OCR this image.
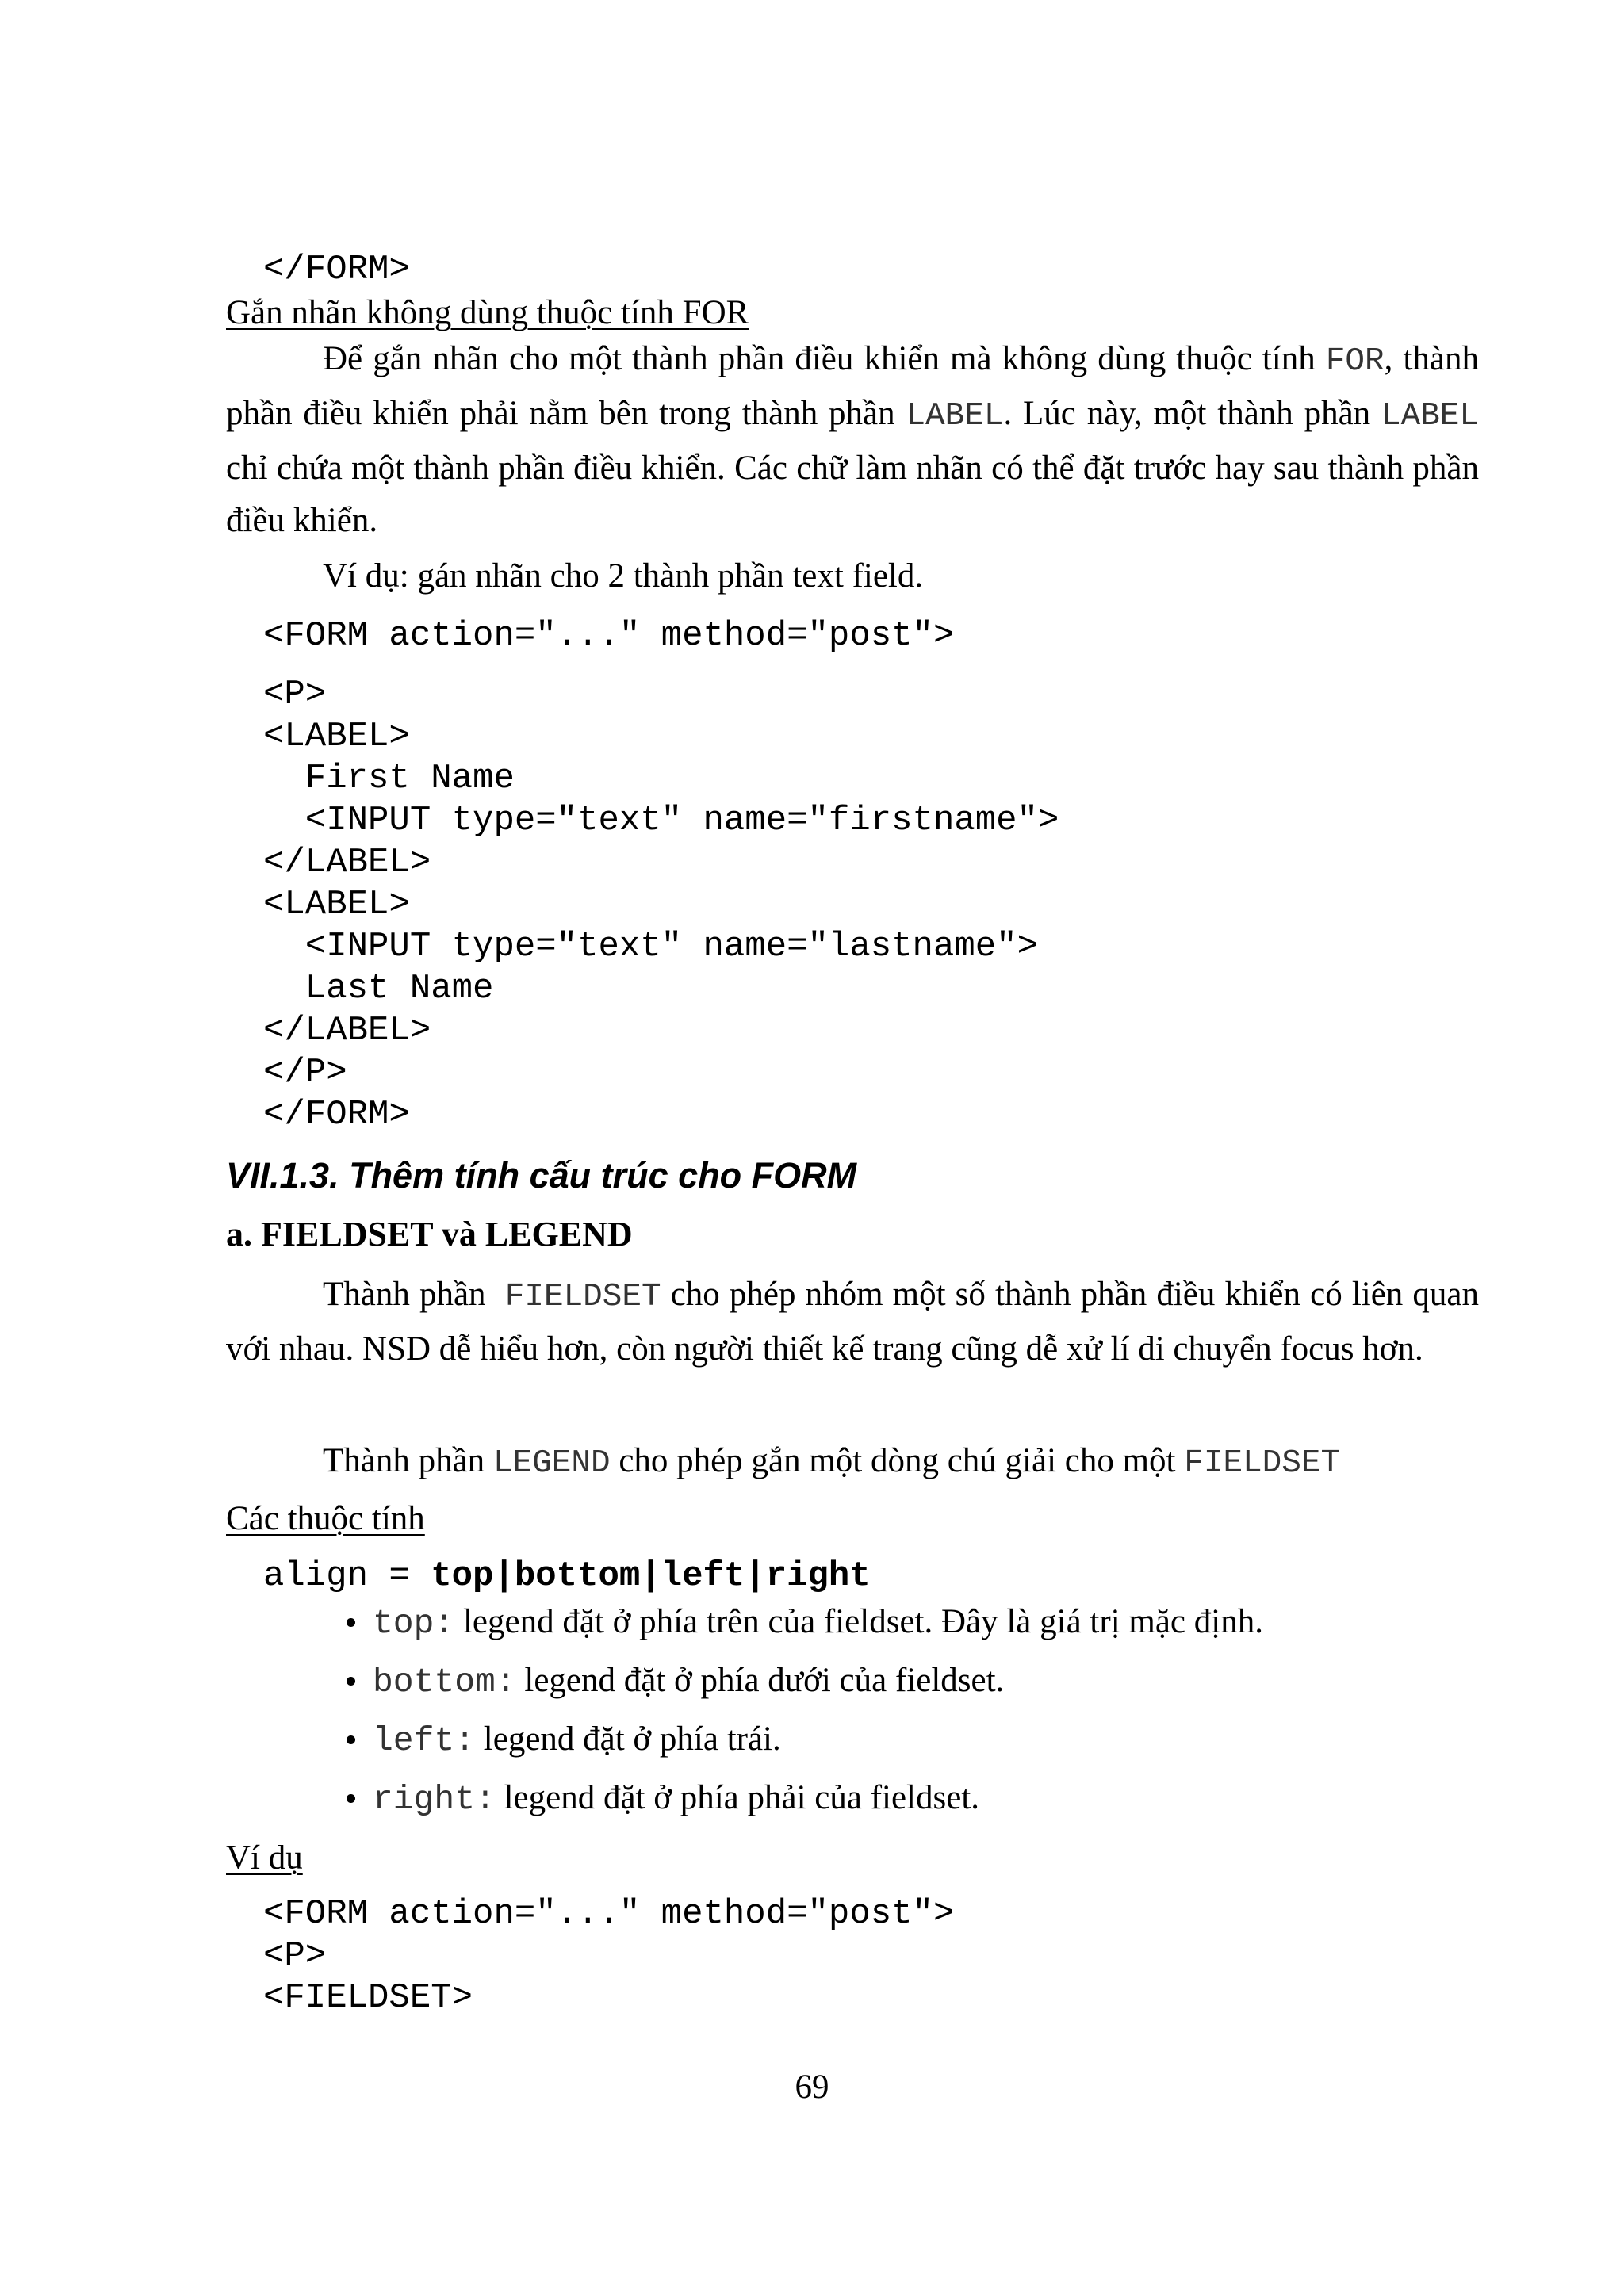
</FORM>
Gắn nhãn không dùng thuộc tính FOR
Để gắn nhãn cho một thành phần điều khiển mà không dùng thuộc tính FOR, thành phần điều khiển phải nằm bên trong thành phần LABEL. Lúc này, một thành phần LABEL chỉ chứa một thành phần điều khiển. Các chữ làm nhãn có thể đặt trước hay sau thành phần điều khiển.
Ví dụ: gán nhãn cho 2 thành phần text field.
<FORM action="..." method="post">
<P>
<LABEL>
First Name
<INPUT type="text" name="firstname">
</LABEL>
<LABEL>
<INPUT type="text" name="lastname">
Last Name
</LABEL>
</P>
</FORM>
VII.1.3. Thêm tính cấu trúc cho FORM
a. FIELDSET và LEGEND
Thành phần  FIELDSET cho phép nhóm một số thành phần điều khiển có liên quan với nhau. NSD dễ hiểu hơn, còn người thiết kế trang cũng dễ xử lí di chuyển focus hơn.
Thành phần LEGEND cho phép gắn một dòng chú giải cho một FIELDSET
Các thuộc tính
align = top|bottom|left|right
top: legend đặt ở phía trên của fieldset. Đây là giá trị mặc định.
bottom: legend đặt ở phía dưới của fieldset.
left: legend đặt ở phía trái.
right: legend đặt ở phía phải của fieldset.
Ví dụ
<FORM action="..." method="post">
<P>
<FIELDSET>
69
